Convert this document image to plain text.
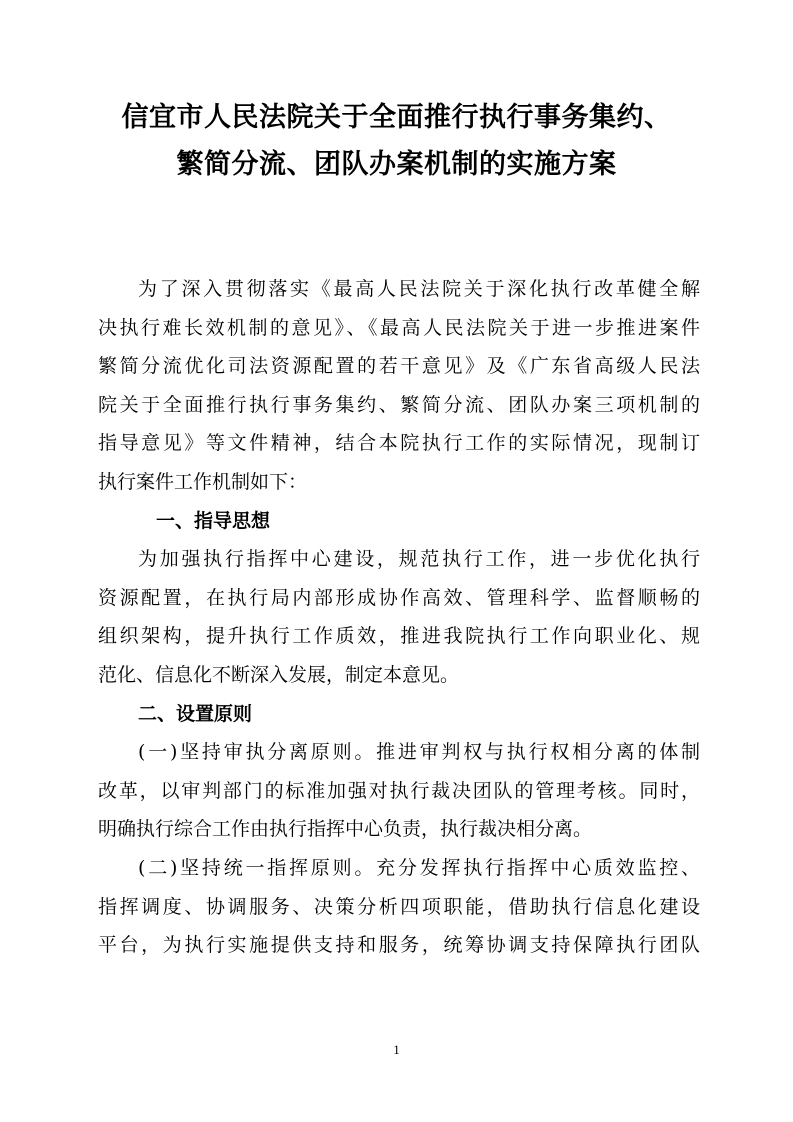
信宜市人民法院关于全面推行执行事务集约、
繁简分流、团队办案机制的实施方案
为了深入贯彻落实《最高人民法院关于深化执行改革健全解
决执行难长效机制的意见》、《最高人民法院关于进一步推进案件
繁简分流优化司法资源配置的若干意见》及《广东省高级人民法
院关于全面推行执行事务集约、繁简分流、团队办案三项机制的
指导意见》等文件精神，结合本院执行工作的实际情况，现制订
执行案件工作机制如下：
一、指导思想
为加强执行指挥中心建设，规范执行工作，进一步优化执行
资源配置，在执行局内部形成协作高效、管理科学、监督顺畅的
组织架构，提升执行工作质效，推进我院执行工作向职业化、规
范化、信息化不断深入发展，制定本意见。
二、设置原则
(一)坚持审执分离原则。推进审判权与执行权相分离的体制
改革，以审判部门的标准加强对执行裁决团队的管理考核。同时，
明确执行综合工作由执行指挥中心负责，执行裁决相分离。
(二)坚持统一指挥原则。充分发挥执行指挥中心质效监控、
指挥调度、协调服务、决策分析四项职能，借助执行信息化建设
平台，为执行实施提供支持和服务，统筹协调支持保障执行团队
1
